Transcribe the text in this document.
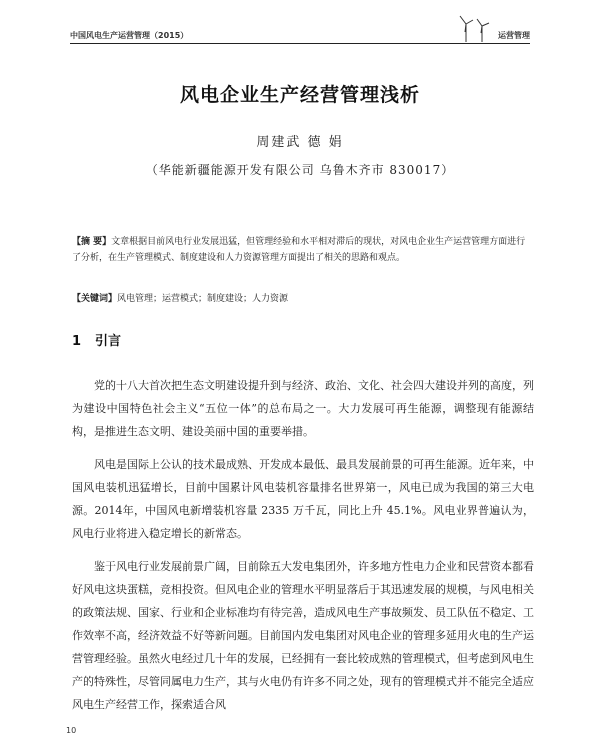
中国风电生产运营管理（2015）	运营管理
风电企业生产经营管理浅析
周建武 德 娟
（华能新疆能源开发有限公司 乌鲁木齐市 830017）

【摘 要】文章根据目前风电行业发展迅猛，但管理经验和水平相对滞后的现状，对风电企业生产运营管理方面进行了分析，在生产管理模式、制度建设和人力资源管理方面提出了相关的思路和观点。

【关键词】风电管理；运营模式；制度建设；人力资源

1 引言

党的十八大首次把生态文明建设提升到与经济、政治、文化、社会四大建设并列的高度，列为建设中国特色社会主义“五位一体”的总布局之一。大力发展可再生能源，调整现有能源结构，是推进生态文明、建设美丽中国的重要举措。

风电是国际上公认的技术最成熟、开发成本最低、最具发展前景的可再生能源。近年来，中国风电装机迅猛增长，目前中国累计风电装机容量排名世界第一，风电已成为我国的第三大电源。2014年，中国风电新增装机容量 2335 万千瓦，同比上升 45.1%。风电业界普遍认为，风电行业将进入稳定增长的新常态。

鉴于风电行业发展前景广阔，目前除五大发电集团外，许多地方性电力企业和民营资本都看好风电这块蛋糕，竞相投资。但风电企业的管理水平明显落后于其迅速发展的规模，与风电相关的政策法规、国家、行业和企业标准均有待完善，造成风电生产事故频发、员工队伍不稳定、工作效率不高，经济效益不好等新问题。目前国内发电集团对风电企业的管理多延用火电的生产运营管理经验。虽然火电经过几十年的发展，已经拥有一套比较成熟的管理模式，但考虑到风电生产的特殊性，尽管同属电力生产，其与火电仍有许多不同之处，现有的管理模式并不能完全适应风电生产经营工作，探索适合风

10
